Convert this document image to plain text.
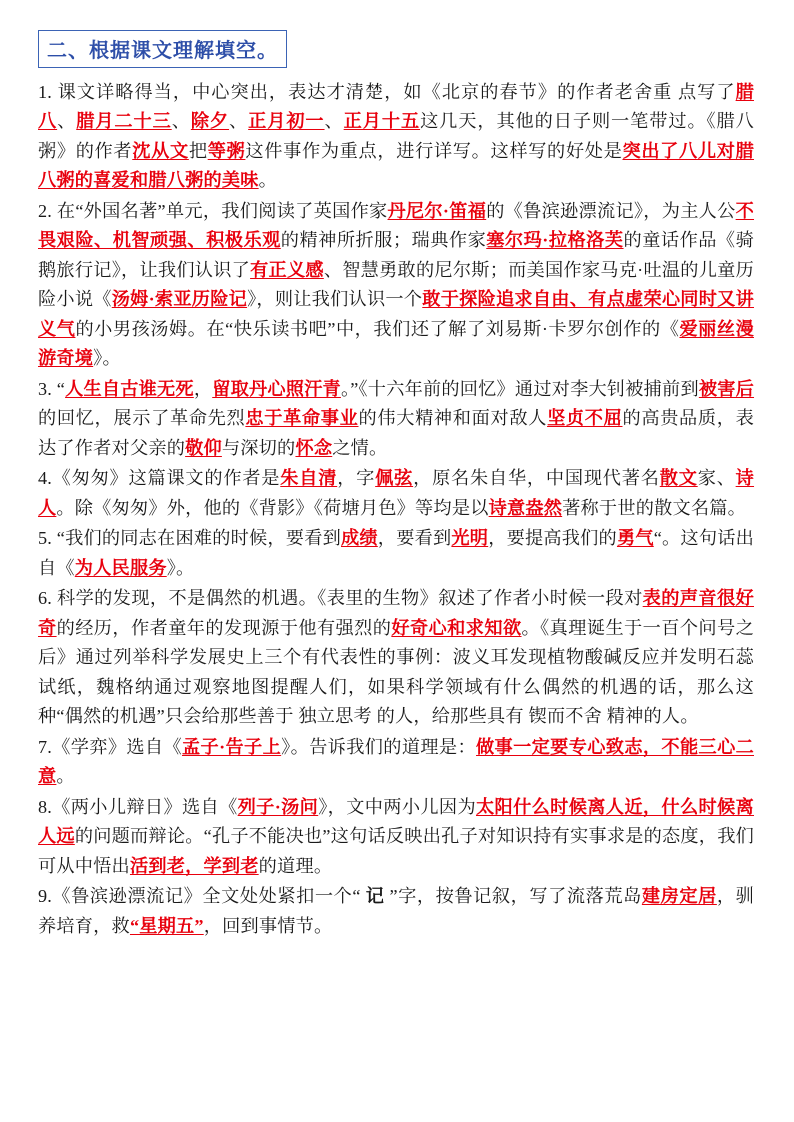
二、根据课文理解填空。

1. 课文详略得当，中心突出，表达才清楚，如《北京的春节》的作者老舍重 点写了腊八、腊月二十三、除夕、正月初一、正月十五这几天，其他的日子则一笔带过。《腊八粥》的作者沈从文把等粥这件事作为重点，进行详写。这样写的好处是突出了八儿对腊八粥的喜爱和腊八粥的美味。

2. 在“外国名著”单元，我们阅读了英国作家丹尼尔·笛福的《鲁滨逊漂流记》，为主人公不畏艰险、机智顽强、积极乐观的精神所折服；瑞典作家塞尔玛·拉格洛芙的童话作品《骑鹅旅行记》，让我们认识了有正义感、智慧勇敢的尼尔斯；而美国作家马克·吐温的儿童历险小说《汤姆·索亚历险记》，则让我们认识一个敢于探险追求自由、有点虚荣心同时又讲义气的小男孩汤姆。在“快乐读书吧”中，我们还了解了刘易斯·卡罗尔创作的《爱丽丝漫游奇境》。

3. “人生自古谁无死，留取丹心照汗青。”《十六年前的回忆》通过对李大钊被捕前到被害后的回忆，展示了革命先烈忠于革命事业的伟大精神和面对敌人坚贞不屈的高贵品质，表达了作者对父亲的敬仰与深切的怀念之情。

4.《匆匆》这篇课文的作者是朱自清，字佩弦，原名朱自华，中国现代著名散文家、诗人。除《匆匆》外，他的《背影》《荷塘月色》等均是以诗意盎然著称于世的散文名篇。

5. “我们的同志在困难的时候，要看到成绩，要看到光明，要提高我们的勇气“。这句话出自《为人民服务》。

6. 科学的发现，不是偶然的机遇。《表里的生物》叙述了作者小时候一段对表的声音很好奇的经历，作者童年的发现源于他有强烈的好奇心和求知欲。《真理诞生于一百个问号之后》通过列举科学发展史上三个有代表性的事例：波义耳发现植物酸碱反应并发明石蕊试纸，魏格纳通过观察地图提醒人们，如果科学领域有什么偶然的机遇的话，那么这种“偶然的机遇”只会给那些善于 独立思考 的人，给那些具有 锲而不舍 精神的人。

7.《学弈》选自《孟子·告子上》。告诉我们的道理是：做事一定要专心致志，不能三心二意。

8.《两小儿辩日》选自《列子·汤问》，文中两小儿因为太阳什么时候离人近，什么时候离人远的问题而辩论。“孔子不能决也”这句话反映出孔子对知识持有实事求是的态度，我们可从中悟出活到老，学到老的道理。

9.《鲁滨逊漂流记》全文处处紧扣一个“ 记 ”字，按鲁记叙，写了流落荒岛建房定居，驯养培育，救“星期五”，回到事情节。
